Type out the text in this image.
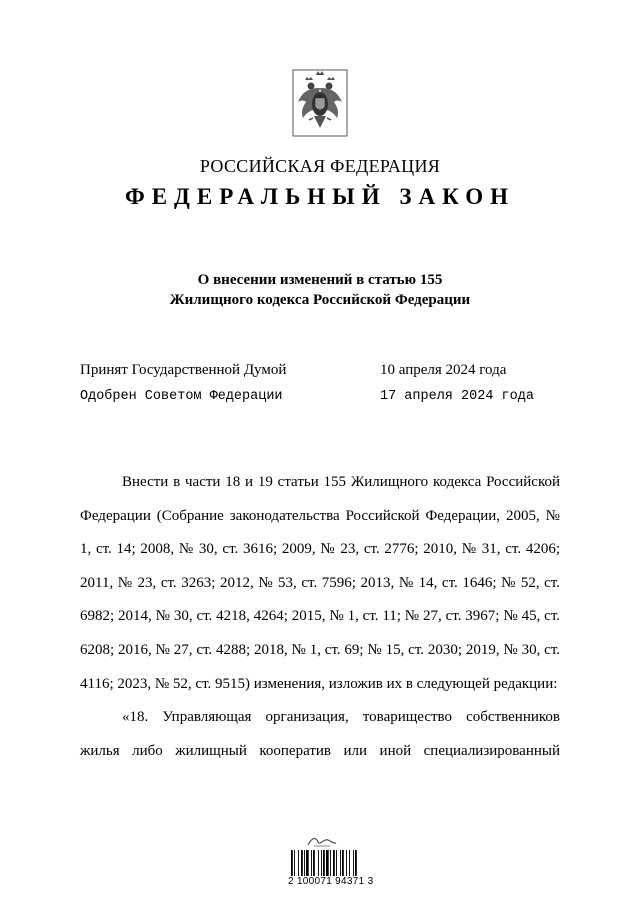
РОССИЙСКАЯ ФЕДЕРАЦИЯ
ФЕДЕРАЛЬНЫЙ ЗАКОН
О внесении изменений в статью 155
Жилищного кодекса Российской Федерации
Принят Государственной Думой	10 апреля 2024 года
Одобрен Советом Федерации	17 апреля 2024 года

Внести в части 18 и 19 статьи 155 Жилищного кодекса Российской Федерации (Собрание законодательства Российской Федерации, 2005, № 1, ст. 14; 2008, № 30, ст. 3616; 2009, № 23, ст. 2776; 2010, № 31, ст. 4206; 2011, № 23, ст. 3263; 2012, № 53, ст. 7596; 2013, № 14, ст. 1646; № 52, ст. 6982; 2014, № 30, ст. 4218, 4264; 2015, № 1, ст. 11; № 27, ст. 3967; № 45, ст. 6208; 2016, № 27, ст. 4288; 2018, № 1, ст. 69; № 15, ст. 2030; 2019, № 30, ст. 4116; 2023, № 52, ст. 9515) изменения, изложив их в следующей редакции:

«18. Управляющая организация, товарищество собственников жилья либо жилищный кооператив или иной специализированный

2 100071 94371 3
